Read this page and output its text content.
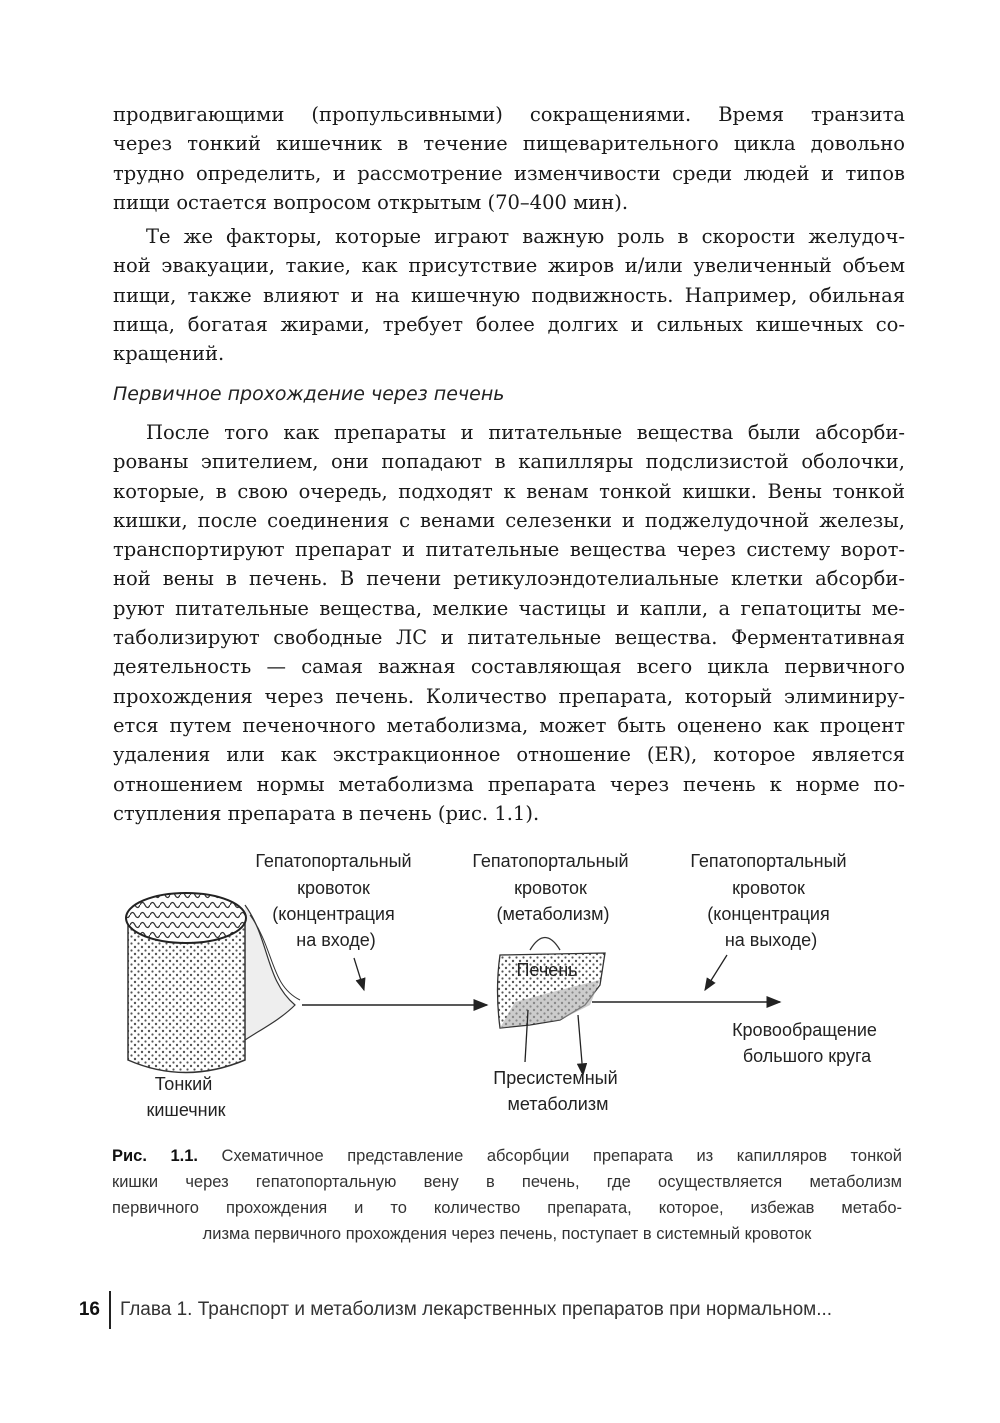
продвигающими (пропульсивными) сокращениями. Время транзита
через тонкий кишечник в течение пищеварительного цикла довольно
трудно определить, и рассмотрение изменчивости среди людей и типов
пищи остается вопросом открытым (70–400 мин).
Те же факторы, которые играют важную роль в скорости желудоч-
ной эвакуации, такие, как присутствие жиров и/или увеличенный объем
пищи, также влияют и на кишечную подвижность. Например, обильная
пища, богатая жирами, требует более долгих и сильных кишечных со-
кращений.
Первичное прохождение через печень
После того как препараты и питательные вещества были абсорби-
рованы эпителием, они попадают в капилляры подслизистой оболочки,
которые, в свою очередь, подходят к венам тонкой кишки. Вены тонкой
кишки, после соединения с венами селезенки и поджелудочной железы,
транспортируют препарат и питательные вещества через систему ворот-
ной вены в печень. В печени ретикулоэндотелиальные клетки абсорби-
руют питательные вещества, мелкие частицы и капли, а гепатоциты ме-
таболизируют свободные ЛС и питательные вещества. Ферментативная
деятельность — самая важная составляющая всего цикла первичного
прохождения через печень. Количество препарата, который элиминиру-
ется путем печеночного метаболизма, может быть оценено как процент
удаления или как экстракционное отношение (ER), которое является
отношением нормы метаболизма препарата через печень к норме по-
ступления препарата в печень (рис. 1.1).
Гепатопортальный кровоток (концентрация на входе)
Гепатопортальный кровоток (метаболизм)
Гепатопортальный кровоток (концентрация на выходе)
Печень
Тонкий кишечник
Пресистемный метаболизм
Кровообращение большого круга
Рис. 1.1. Схематичное представление абсорбции препарата из капилляров тонкой
кишки через гепатопортальную вену в печень, где осуществляется метаболизм
первичного прохождения и то количество препарата, которое, избежав метабо-
лизма первичного прохождения через печень, поступает в системный кровоток
16 Глава 1. Транспорт и метаболизм лекарственных препаратов при нормальном...
